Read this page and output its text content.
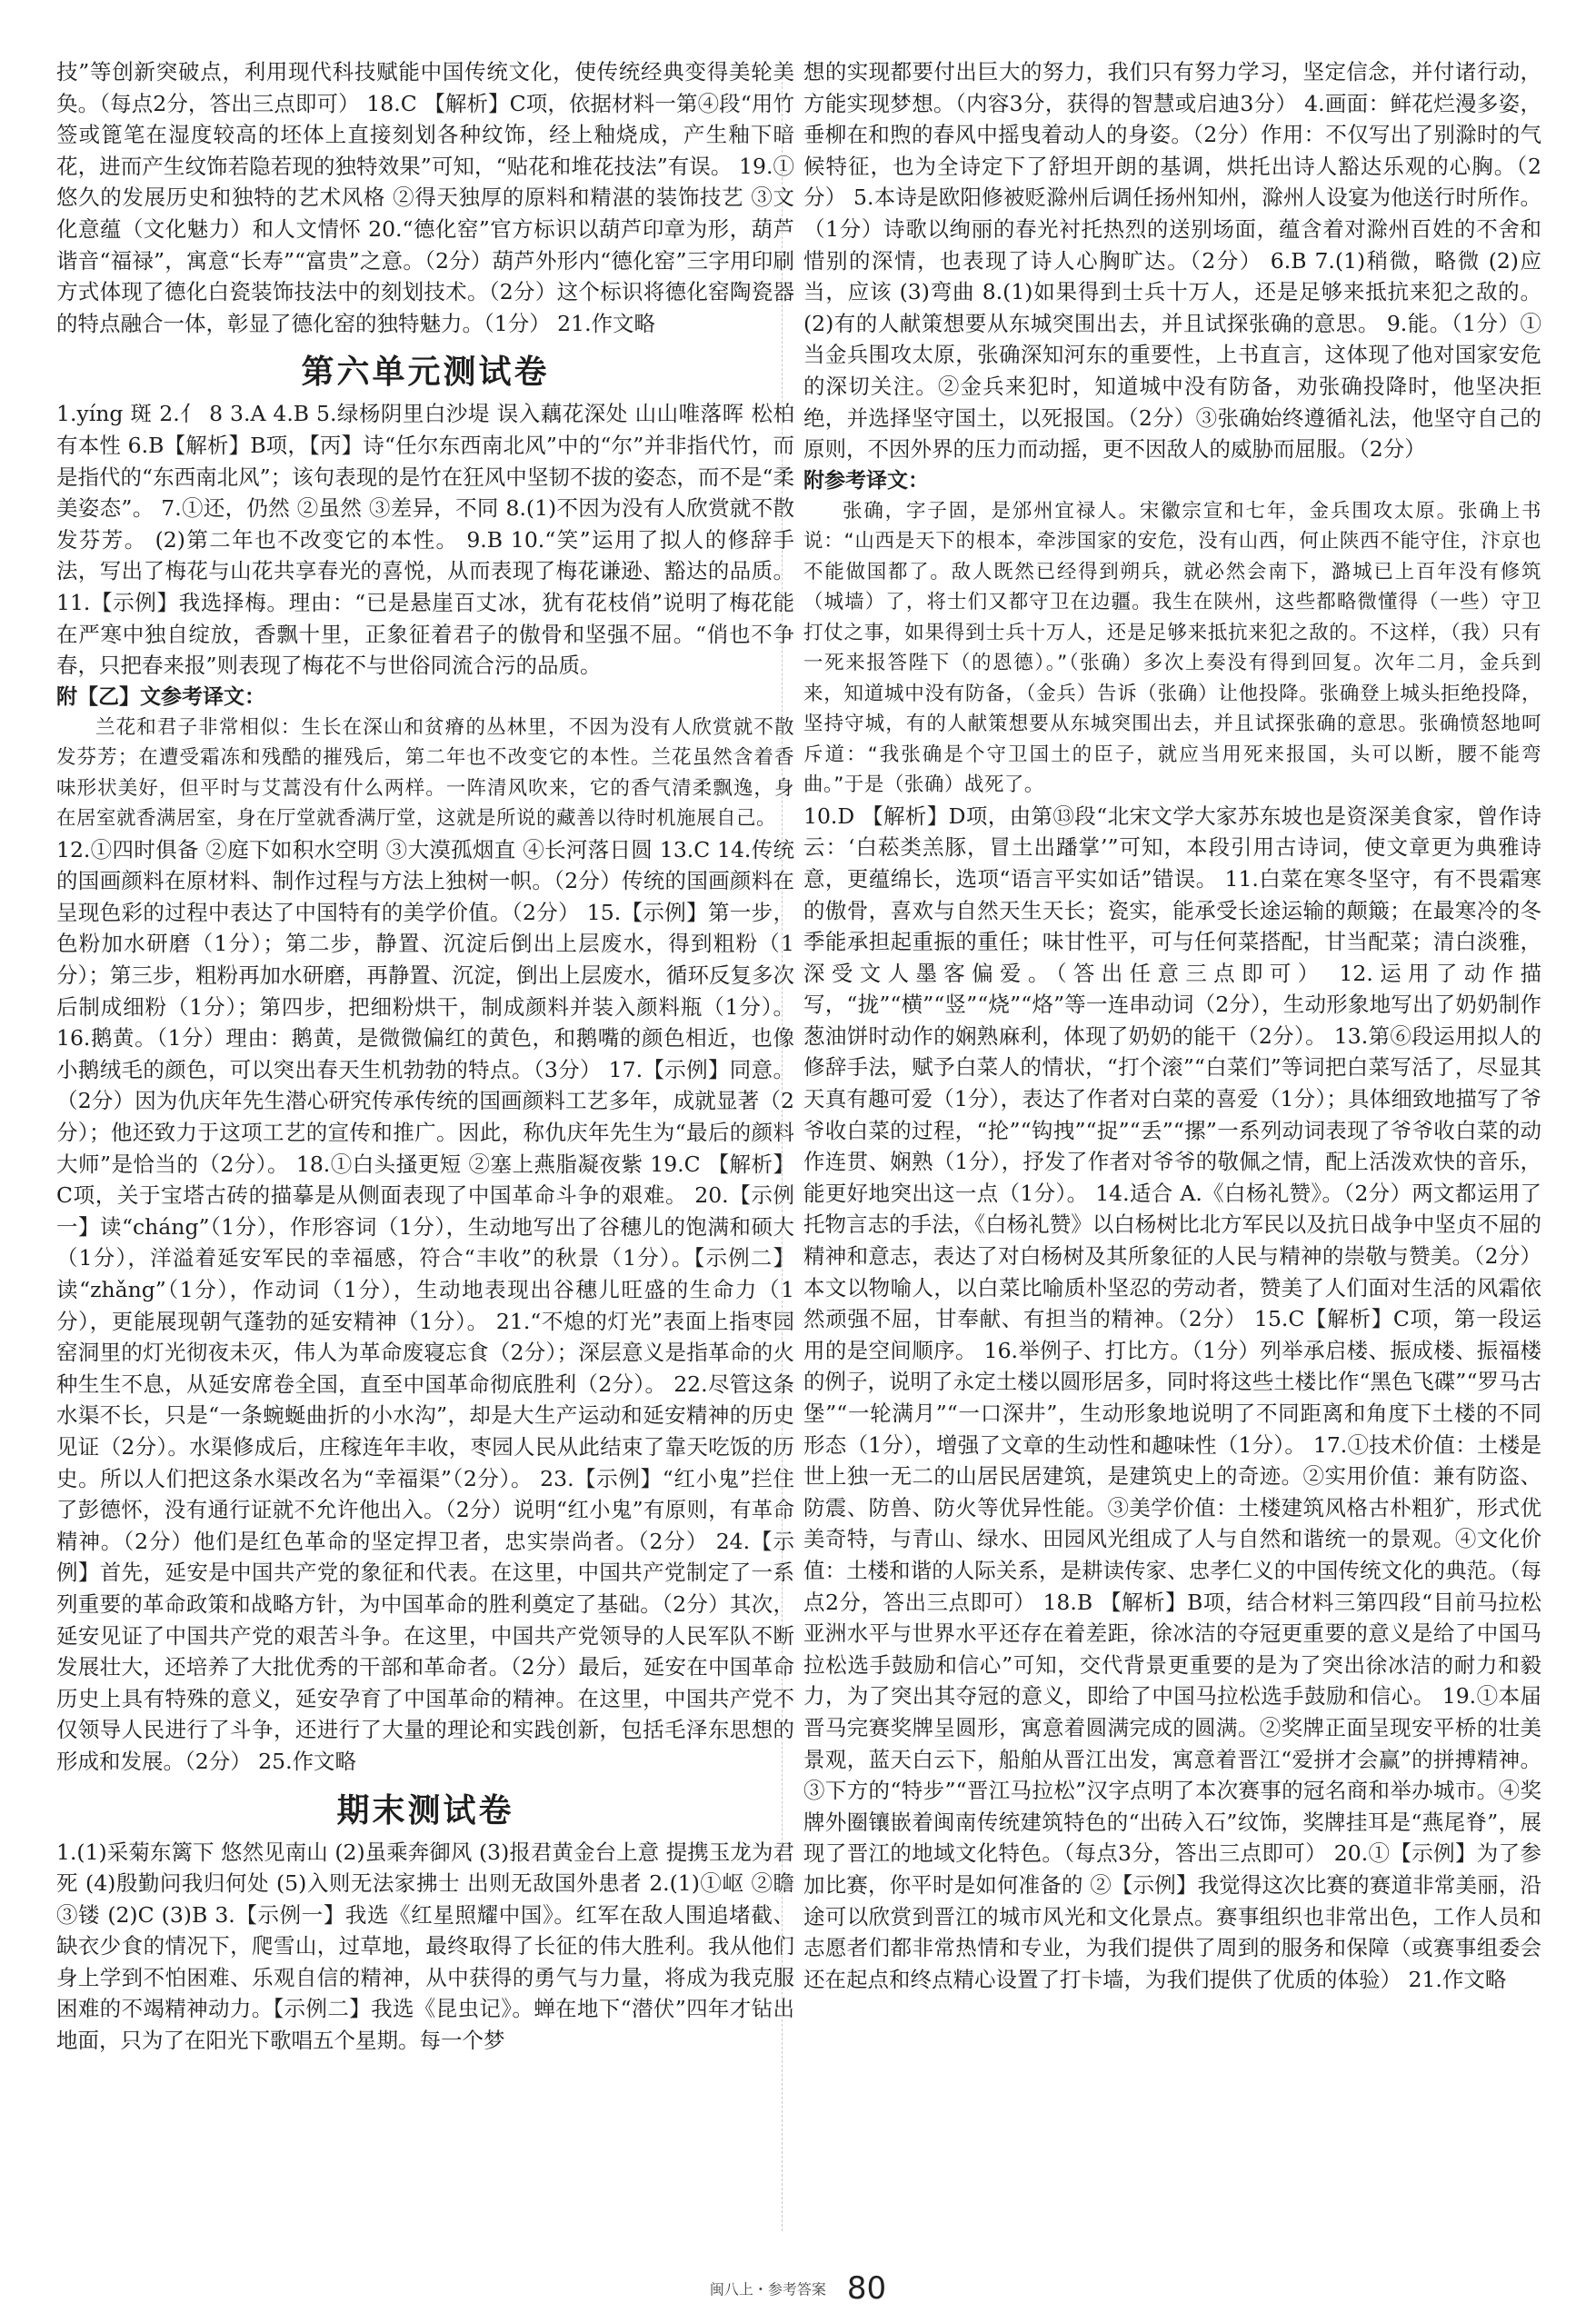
技”等创新突破点，利用现代科技赋能中国传统文化，使传统经典变得美轮美奂。（每点2分，答出三点即可） 18.C 【解析】C项，依据材料一第④段“用竹签或篦笔在湿度较高的坯体上直接刻划各种纹饰，经上釉烧成，产生釉下暗花，进而产生纹饰若隐若现的独特效果”可知，“贴花和堆花技法”有误。 19.①悠久的发展历史和独特的艺术风格 ②得天独厚的原料和精湛的装饰技艺 ③文化意蕴（文化魅力）和人文情怀 20.“德化窑”官方标识以葫芦印章为形，葫芦谐音“福禄”，寓意“长寿”“富贵”之意。（2分）葫芦外形内“德化窑”三字用印刷方式体现了德化白瓷装饰技法中的刻划技术。（2分）这个标识将德化窑陶瓷器的特点融合一体，彰显了德化窑的独特魅力。（1分） 21.作文略

第六单元测试卷

1.yíng 斑 2.亻 8 3.A 4.B 5.绿杨阴里白沙堤 误入藕花深处 山山唯落晖 松柏有本性 6.B【解析】B项，【丙】诗“任尔东西南北风”中的“尔”并非指代竹，而是指代的“东西南北风”；该句表现的是竹在狂风中坚韧不拔的姿态，而不是“柔美姿态”。 7.①还，仍然 ②虽然 ③差异，不同 8.(1)不因为没有人欣赏就不散发芬芳。 (2)第二年也不改变它的本性。 9.B 10.“笑”运用了拟人的修辞手法，写出了梅花与山花共享春光的喜悦，从而表现了梅花谦逊、豁达的品质。 11.【示例】我选择梅。理由：“已是悬崖百丈冰，犹有花枝俏”说明了梅花能在严寒中独自绽放，香飘十里，正象征着君子的傲骨和坚强不屈。“俏也不争春，只把春来报”则表现了梅花不与世俗同流合污的品质。

附【乙】文参考译文：

兰花和君子非常相似：生长在深山和贫瘠的丛林里，不因为没有人欣赏就不散发芬芳；在遭受霜冻和残酷的摧残后，第二年也不改变它的本性。兰花虽然含着香味形状美好，但平时与艾蒿没有什么两样。一阵清风吹来，它的香气清柔飘逸，身在居室就香满居室，身在厅堂就香满厅堂，这就是所说的藏善以待时机施展自己。

12.①四时俱备 ②庭下如积水空明 ③大漠孤烟直 ④长河落日圆 13.C 14.传统的国画颜料在原材料、制作过程与方法上独树一帜。（2分）传统的国画颜料在呈现色彩的过程中表达了中国特有的美学价值。（2分） 15.【示例】第一步，色粉加水研磨（1分）；第二步，静置、沉淀后倒出上层废水，得到粗粉（1分）；第三步，粗粉再加水研磨，再静置、沉淀，倒出上层废水，循环反复多次后制成细粉（1分）；第四步，把细粉烘干，制成颜料并装入颜料瓶（1分）。 16.鹅黄。（1分）理由：鹅黄，是微微偏红的黄色，和鹅嘴的颜色相近，也像小鹅绒毛的颜色，可以突出春天生机勃勃的特点。（3分） 17.【示例】同意。（2分）因为仇庆年先生潜心研究传承传统的国画颜料工艺多年，成就显著（2分）；他还致力于这项工艺的宣传和推广。因此，称仇庆年先生为“最后的颜料大师”是恰当的（2分）。 18.①白头搔更短 ②塞上燕脂凝夜紫 19.C 【解析】C项，关于宝塔古砖的描摹是从侧面表现了中国革命斗争的艰难。 20.【示例一】读“cháng”（1分），作形容词（1分），生动地写出了谷穗儿的饱满和硕大（1分），洋溢着延安军民的幸福感，符合“丰收”的秋景（1分）。【示例二】读“zhǎng”（1分），作动词（1分），生动地表现出谷穗儿旺盛的生命力（1分），更能展现朝气蓬勃的延安精神（1分）。 21.“不熄的灯光”表面上指枣园窑洞里的灯光彻夜未灭，伟人为革命废寝忘食（2分）；深层意义是指革命的火种生生不息，从延安席卷全国，直至中国革命彻底胜利（2分）。 22.尽管这条水渠不长，只是“一条蜿蜒曲折的小水沟”，却是大生产运动和延安精神的历史见证（2分）。水渠修成后，庄稼连年丰收，枣园人民从此结束了靠天吃饭的历史。所以人们把这条水渠改名为“幸福渠”（2分）。 23.【示例】“红小鬼”拦住了彭德怀，没有通行证就不允许他出入。（2分）说明“红小鬼”有原则，有革命精神。（2分）他们是红色革命的坚定捍卫者，忠实崇尚者。（2分） 24.【示例】首先，延安是中国共产党的象征和代表。在这里，中国共产党制定了一系列重要的革命政策和战略方针，为中国革命的胜利奠定了基础。（2分）其次，延安见证了中国共产党的艰苦斗争。在这里，中国共产党领导的人民军队不断发展壮大，还培养了大批优秀的干部和革命者。（2分）最后，延安在中国革命历史上具有特殊的意义，延安孕育了中国革命的精神。在这里，中国共产党不仅领导人民进行了斗争，还进行了大量的理论和实践创新，包括毛泽东思想的形成和发展。（2分） 25.作文略

期末测试卷

1.(1)采菊东篱下 悠然见南山 (2)虽乘奔御风 (3)报君黄金台上意 提携玉龙为君死 (4)殷勤问我归何处 (5)入则无法家拂士 出则无敌国外患者 2.(1)①岖 ②瞻 ③镂 (2)C (3)B 3.【示例一】我选《红星照耀中国》。红军在敌人围追堵截、缺衣少食的情况下，爬雪山，过草地，最终取得了长征的伟大胜利。我从他们身上学到不怕困难、乐观自信的精神，从中获得的勇气与力量，将成为我克服困难的不竭精神动力。【示例二】我选《昆虫记》。蝉在地下“潜伏”四年才钻出地面，只为了在阳光下歌唱五个星期。每一个梦

想的实现都要付出巨大的努力，我们只有努力学习，坚定信念，并付诸行动，方能实现梦想。（内容3分，获得的智慧或启迪3分） 4.画面：鲜花烂漫多姿，垂柳在和煦的春风中摇曳着动人的身姿。（2分）作用：不仅写出了别滁时的气候特征，也为全诗定下了舒坦开朗的基调，烘托出诗人豁达乐观的心胸。（2分） 5.本诗是欧阳修被贬滁州后调任扬州知州，滁州人设宴为他送行时所作。（1分）诗歌以绚丽的春光衬托热烈的送别场面，蕴含着对滁州百姓的不舍和惜别的深情，也表现了诗人心胸旷达。（2分） 6.B 7.(1)稍微，略微 (2)应当，应该 (3)弯曲 8.(1)如果得到士兵十万人，还是足够来抵抗来犯之敌的。 (2)有的人献策想要从东城突围出去，并且试探张确的意思。 9.能。（1分）①当金兵围攻太原，张确深知河东的重要性，上书直言，这体现了他对国家安危的深切关注。②金兵来犯时，知道城中没有防备，劝张确投降时，他坚决拒绝，并选择坚守国土，以死报国。（2分）③张确始终遵循礼法，他坚守自己的原则，不因外界的压力而动摇，更不因敌人的威胁而屈服。（2分）

附参考译文：

张确，字子固，是邠州宜禄人。宋徽宗宣和七年，金兵围攻太原。张确上书说：“山西是天下的根本，牵涉国家的安危，没有山西，何止陕西不能守住，汴京也不能做国都了。敌人既然已经得到朔兵，就必然会南下，潞城已上百年没有修筑（城墙）了，将士们又都守卫在边疆。我生在陕州，这些都略微懂得（一些）守卫打仗之事，如果得到士兵十万人，还是足够来抵抗来犯之敌的。不这样，（我）只有一死来报答陛下（的恩德）。”（张确）多次上奏没有得到回复。次年二月，金兵到来，知道城中没有防备，（金兵）告诉（张确）让他投降。张确登上城头拒绝投降，坚持守城，有的人献策想要从东城突围出去，并且试探张确的意思。张确愤怒地呵斥道：“我张确是个守卫国土的臣子，就应当用死来报国，头可以断，腰不能弯曲。”于是（张确）战死了。

10.D 【解析】D项，由第⑬段“北宋文学大家苏东坡也是资深美食家，曾作诗云：‘白菘类羔豚，冒土出蹯掌’”可知，本段引用古诗词，使文章更为典雅诗意，更蕴绵长，选项“语言平实如话”错误。 11.白菜在寒冬坚守，有不畏霜寒的傲骨，喜欢与自然天生天长；瓷实，能承受长途运输的颠簸；在最寒冷的冬季能承担起重振的重任；味甘性平，可与任何菜搭配，甘当配菜；清白淡雅，深受文人墨客偏爱。（答出任意三点即可） 12.运用了动作描写，“拢”“横”“竖”“烧”“烙”等一连串动词（2分），生动形象地写出了奶奶制作葱油饼时动作的娴熟麻利，体现了奶奶的能干（2分）。 13.第⑥段运用拟人的修辞手法，赋予白菜人的情状，“打个滚”“白菜们”等词把白菜写活了，尽显其天真有趣可爱（1分），表达了作者对白菜的喜爱（1分）；具体细致地描写了爷爷收白菜的过程，“抡”“钩拽”“捉”“丢”“摞”一系列动词表现了爷爷收白菜的动作连贯、娴熟（1分），抒发了作者对爷爷的敬佩之情，配上活泼欢快的音乐，能更好地突出这一点（1分）。 14.适合 A.《白杨礼赞》。（2分）两文都运用了托物言志的手法，《白杨礼赞》以白杨树比北方军民以及抗日战争中坚贞不屈的精神和意志，表达了对白杨树及其所象征的人民与精神的崇敬与赞美。（2分）本文以物喻人，以白菜比喻质朴坚忍的劳动者，赞美了人们面对生活的风霜依然顽强不屈，甘奉献、有担当的精神。（2分） 15.C【解析】C项，第一段运用的是空间顺序。 16.举例子、打比方。（1分）列举承启楼、振成楼、振福楼的例子，说明了永定土楼以圆形居多，同时将这些土楼比作“黑色飞碟”“罗马古堡”“一轮满月”“一口深井”，生动形象地说明了不同距离和角度下土楼的不同形态（1分），增强了文章的生动性和趣味性（1分）。 17.①技术价值：土楼是世上独一无二的山居民居建筑，是建筑史上的奇迹。②实用价值：兼有防盗、防震、防兽、防火等优异性能。③美学价值：土楼建筑风格古朴粗犷，形式优美奇特，与青山、绿水、田园风光组成了人与自然和谐统一的景观。④文化价值：土楼和谐的人际关系，是耕读传家、忠孝仁义的中国传统文化的典范。（每点2分，答出三点即可） 18.B 【解析】B项，结合材料三第四段“目前马拉松亚洲水平与世界水平还存在着差距，徐冰洁的夺冠更重要的意义是给了中国马拉松选手鼓励和信心”可知，交代背景更重要的是为了突出徐冰洁的耐力和毅力，为了突出其夺冠的意义，即给了中国马拉松选手鼓励和信心。 19.①本届晋马完赛奖牌呈圆形，寓意着圆满完成的圆满。②奖牌正面呈现安平桥的壮美景观，蓝天白云下，船舶从晋江出发，寓意着晋江“爱拼才会赢”的拼搏精神。③下方的“特步”“晋江马拉松”汉字点明了本次赛事的冠名商和举办城市。④奖牌外圈镶嵌着闽南传统建筑特色的“出砖入石”纹饰，奖牌挂耳是“燕尾脊”，展现了晋江的地域文化特色。（每点3分，答出三点即可） 20.①【示例】为了参加比赛，你平时是如何准备的 ②【示例】我觉得这次比赛的赛道非常美丽，沿途可以欣赏到晋江的城市风光和文化景点。赛事组织也非常出色，工作人员和志愿者们都非常热情和专业，为我们提供了周到的服务和保障（或赛事组委会还在起点和终点精心设置了打卡墙，为我们提供了优质的体验） 21.作文略

闽八上・参考答案 80
